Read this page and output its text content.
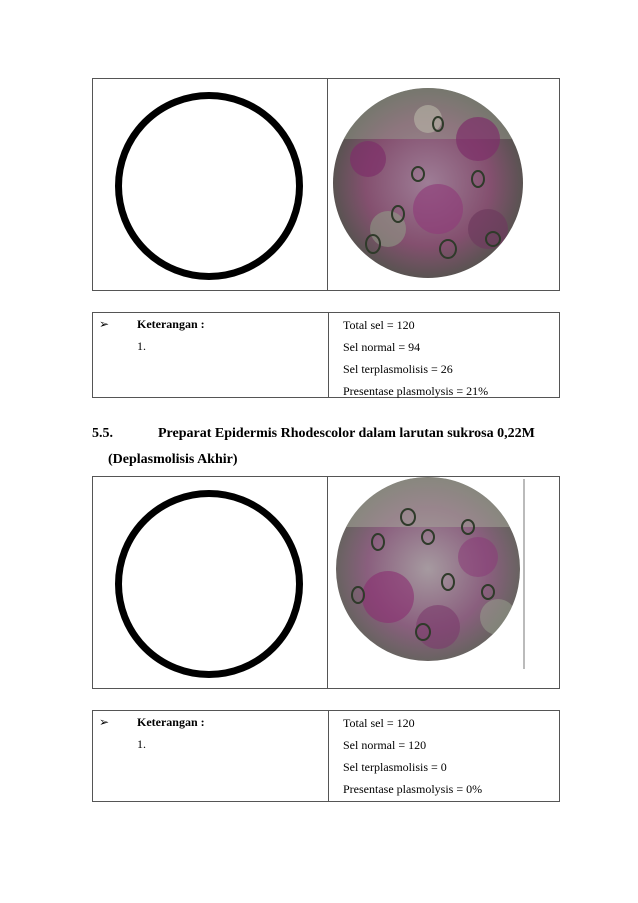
➢ Keterangan :
1.
Total sel = 120
Sel normal = 94
Sel terplasmolisis = 26
Presentase plasmolysis = 21%
5.5.	Preparat Epidermis Rhodescolor dalam larutan sukrosa 0,22M
(Deplasmolisis Akhir)
➢ Keterangan :
1.
Total sel = 120
Sel normal = 120
Sel terplasmolisis = 0
Presentase plasmolysis = 0%
